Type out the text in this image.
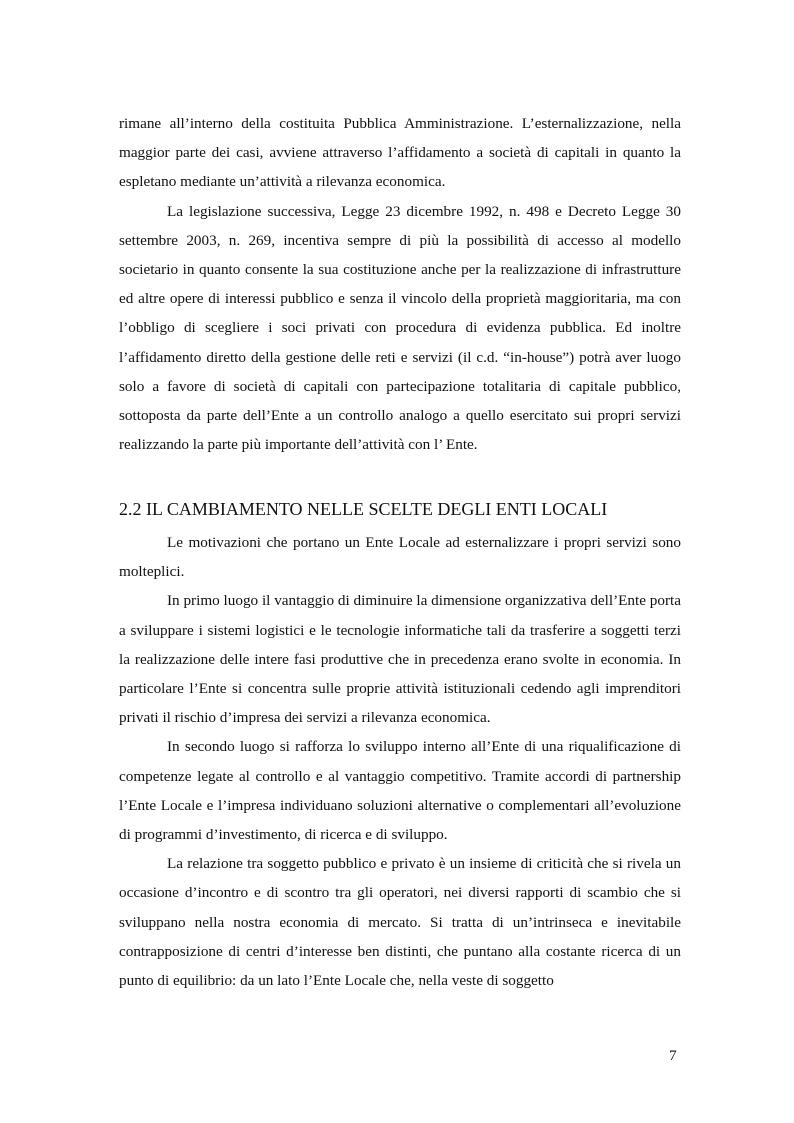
rimane all’interno della costituita Pubblica Amministrazione. L’esternalizzazione, nella maggior parte dei casi, avviene attraverso l’affidamento a società di capitali in quanto la espletano mediante un’attività a rilevanza economica.

La legislazione successiva, Legge 23 dicembre 1992, n. 498 e Decreto Legge 30 settembre 2003, n. 269, incentiva sempre di più la possibilità di accesso al modello societario in quanto consente la sua costituzione anche per la realizzazione di infrastrutture ed altre opere di interessi pubblico e senza il vincolo della proprietà maggioritaria, ma con l’obbligo di scegliere i soci privati con procedura di evidenza pubblica. Ed inoltre l’affidamento diretto della gestione delle reti e servizi (il c.d. “in-house”) potrà aver luogo solo a favore di società di capitali con partecipazione totalitaria di capitale pubblico, sottoposta da parte dell’Ente a un controllo analogo a quello esercitato sui propri servizi realizzando la parte più importante dell’attività con l’ Ente.

2.2 IL CAMBIAMENTO NELLE SCELTE DEGLI ENTI LOCALI

Le motivazioni che portano un Ente Locale ad esternalizzare i propri servizi sono molteplici.

In primo luogo il vantaggio di diminuire la dimensione organizzativa dell’Ente porta a sviluppare i sistemi logistici e le tecnologie informatiche tali da trasferire a soggetti terzi la realizzazione delle intere fasi produttive che in precedenza erano svolte in economia. In particolare l’Ente si concentra sulle proprie attività istituzionali cedendo agli imprenditori privati il rischio d’impresa dei servizi a rilevanza economica.

In secondo luogo si rafforza lo sviluppo interno all’Ente di una riqualificazione di competenze legate al controllo e al vantaggio competitivo. Tramite accordi di partnership l’Ente Locale e l’impresa individuano soluzioni alternative o complementari all’evoluzione di programmi d’investimento, di ricerca e di sviluppo.

La relazione tra soggetto pubblico e privato è un insieme di criticità che si rivela un occasione d’incontro e di scontro tra gli operatori, nei diversi rapporti di scambio che si sviluppano nella nostra economia di mercato. Si tratta di un’intrinseca e inevitabile contrapposizione di centri d’interesse ben distinti, che puntano alla costante ricerca di un punto di equilibrio: da un lato l’Ente Locale che, nella veste di soggetto

7
